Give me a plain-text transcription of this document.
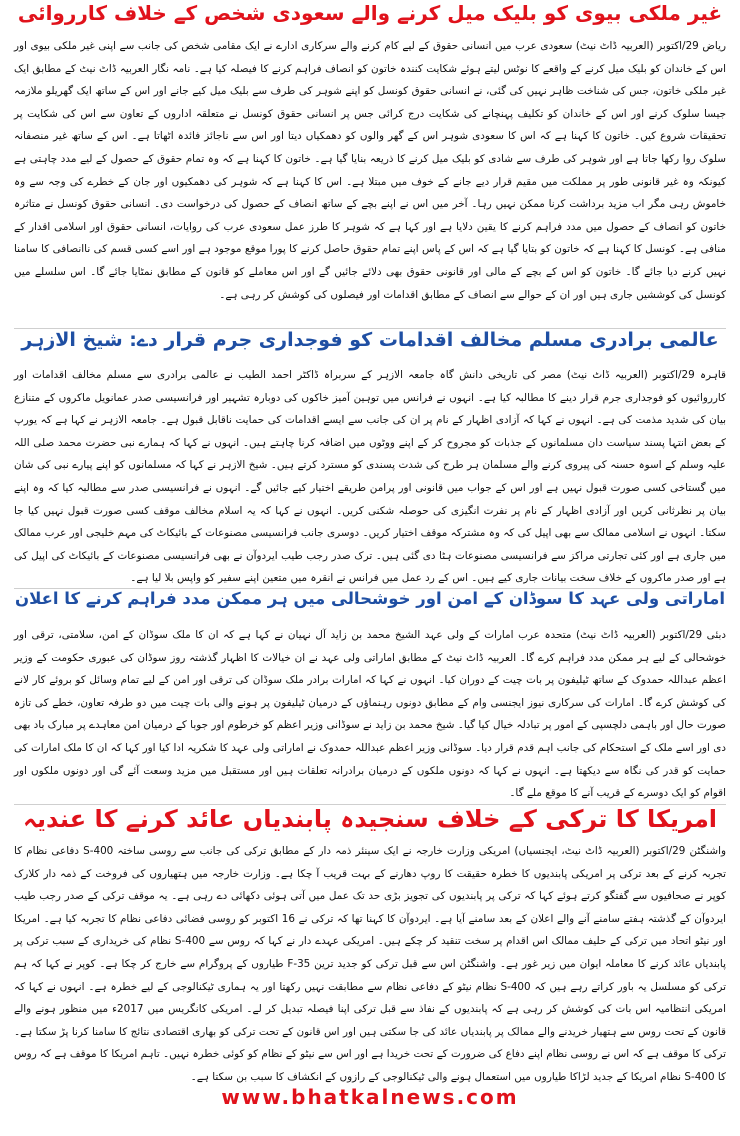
غیر ملکی بیوی کو بلیک میل کرنے والے سعودی شخص کے خلاف کارروائی

ریاض 29/اکتوبر (العربیہ ڈاٹ نیٹ) سعودی عرب میں انسانی حقوق کے لیے کام کرنے والے سرکاری ادارے نے ایک مقامی شخص کی جانب سے اپنی غیر ملکی بیوی اور اس کے خاندان کو بلیک میل کرنے کے واقعے کا نوٹس لیتے ہوئے شکایت کنندہ خاتون کو انصاف فراہم کرنے کا فیصلہ کیا ہے۔ نامہ نگار العربیہ ڈاٹ نیٹ کے مطابق ایک غیر ملکی خاتون، جس کی شناخت ظاہر نہیں کی گئی، نے انسانی حقوق کونسل کو اپنے شوہر کی طرف سے بلیک میل کیے جانے اور اس کے ساتھ ایک گھریلو ملازمہ جیسا سلوک کرنے اور اس کے خاندان کو تکلیف پہنچانے کی شکایت درج کرائی جس پر انسانی حقوق کونسل نے متعلقہ اداروں کے تعاون سے اس کی شکایت پر تحقیقات شروع کیں۔ خاتون کا کہنا ہے کہ اس کا سعودی شوہر اس کے گھر والوں کو دھمکیاں دیتا اور اس سے ناجائز فائدہ اٹھاتا ہے۔ اس کے ساتھ غیر منصفانہ سلوک روا رکھا جاتا ہے اور شوہر کی طرف سے شادی کو بلیک میل کرنے کا ذریعہ بنایا گیا ہے۔ خاتون کا کہنا ہے کہ وہ تمام حقوق کے حصول کے لیے مدد چاہتی ہے کیونکہ وہ غیر قانونی طور پر مملکت میں مقیم قرار دیے جانے کے خوف میں مبتلا ہے۔ اس کا کہنا ہے کہ شوہر کی دھمکیوں اور جان کے خطرے کی وجہ سے وہ خاموش رہی مگر اب مزید برداشت کرنا ممکن نہیں رہا۔ آخر میں اس نے اپنے بچے کے ساتھ انصاف کے حصول کی درخواست دی۔ انسانی حقوق کونسل نے متاثرہ خاتون کو انصاف کے حصول میں مدد فراہم کرنے کا یقین دلایا ہے اور کہا ہے کہ شوہر کا طرز عمل سعودی عرب کی روایات، انسانی حقوق اور اسلامی اقدار کے منافی ہے۔ کونسل کا کہنا ہے کہ خاتون کو بتایا گیا ہے کہ اس کے پاس اپنے تمام حقوق حاصل کرنے کا پورا موقع موجود ہے اور اسے کسی قسم کی ناانصافی کا سامنا نہیں کرنے دیا جائے گا۔ خاتون کو اس کے بچے کے مالی اور قانونی حقوق بھی دلائے جائیں گے اور اس معاملے کو قانون کے مطابق نمٹایا جائے گا۔ اس سلسلے میں کونسل کی کوششیں جاری ہیں اور ان کے حوالے سے انصاف کے مطابق اقدامات اور فیصلوں کی کوشش کر رہی ہے۔

عالمی برادری مسلم مخالف اقدامات کو فوجداری جرم قرار دے: شیخ الازہر

قاہرہ 29/اکتوبر (العربیہ ڈاٹ نیٹ) مصر کی تاریخی دانش گاہ جامعہ الازہر کے سربراہ ڈاکٹر احمد الطیب نے عالمی برادری سے مسلم مخالف اقدامات اور کارروائیوں کو فوجداری جرم قرار دینے کا مطالبہ کیا ہے۔ انہوں نے فرانس میں توہین آمیز خاکوں کی دوبارہ تشہیر اور فرانسیسی صدر عمانویل ماکروں کے متنازع بیان کی شدید مذمت کی ہے۔ انہوں نے کہا کہ آزادی اظہار کے نام پر ان کی جانب سے ایسے اقدامات کی حمایت ناقابل قبول ہے۔ جامعہ الازہر نے کہا ہے کہ یورپ کے بعض انتہا پسند سیاست دان مسلمانوں کے جذبات کو مجروح کر کے اپنے ووٹوں میں اضافہ کرنا چاہتے ہیں۔ انہوں نے کہا کہ ہمارے نبی حضرت محمد صلی اللہ علیہ وسلم کے اسوہ حسنہ کی پیروی کرنے والے مسلمان ہر طرح کی شدت پسندی کو مسترد کرتے ہیں۔ شیخ الازہر نے کہا کہ مسلمانوں کو اپنے پیارے نبی کی شان میں گستاخی کسی صورت قبول نہیں ہے اور اس کے جواب میں قانونی اور پرامن طریقے اختیار کیے جائیں گے۔ انہوں نے فرانسیسی صدر سے مطالبہ کیا کہ وہ اپنے بیان پر نظرثانی کریں اور آزادی اظہار کے نام پر نفرت انگیزی کی حوصلہ شکنی کریں۔ انہوں نے کہا کہ یہ اسلام مخالف موقف کسی صورت قبول نہیں کیا جا سکتا۔ انہوں نے اسلامی ممالک سے بھی اپیل کی کہ وہ مشترکہ موقف اختیار کریں۔ دوسری جانب فرانسیسی مصنوعات کے بائیکاٹ کی مہم خلیجی اور عرب ممالک میں جاری ہے اور کئی تجارتی مراکز سے فرانسیسی مصنوعات ہٹا دی گئی ہیں۔ ترک صدر رجب طیب ایردوآن نے بھی فرانسیسی مصنوعات کے بائیکاٹ کی اپیل کی ہے اور صدر ماکروں کے خلاف سخت بیانات جاری کیے ہیں۔ اس کے رد عمل میں فرانس نے انقرہ میں متعین اپنے سفیر کو واپس بلا لیا ہے۔

اماراتی ولی عہد کا سوڈان کے امن اور خوشحالی میں ہر ممکن مدد فراہم کرنے کا اعلان

دبئی 29/اکتوبر (العربیہ ڈاٹ نیٹ) متحدہ عرب امارات کے ولی عہد الشیخ محمد بن زاید آل نہیان نے کہا ہے کہ ان کا ملک سوڈان کے امن، سلامتی، ترقی اور خوشحالی کے لیے ہر ممکن مدد فراہم کرے گا۔ العربیہ ڈاٹ نیٹ کے مطابق اماراتی ولی عہد نے ان خیالات کا اظہار گذشتہ روز سوڈان کی عبوری حکومت کے وزیر اعظم عبداللہ حمدوک کے ساتھ ٹیلیفون پر بات چیت کے دوران کیا۔ انہوں نے کہا کہ امارات برادر ملک سوڈان کی ترقی اور امن کے لیے تمام وسائل کو بروئے کار لانے کی کوشش کرے گا۔ امارات کی سرکاری نیوز ایجنسی وام کے مطابق دونوں رہنماؤں کے درمیان ٹیلیفون پر ہونے والی بات چیت میں دو طرفہ تعاون، خطے کی تازہ صورت حال اور باہمی دلچسپی کے امور پر تبادلہ خیال کیا گیا۔ شیخ محمد بن زاید نے سوڈانی وزیر اعظم کو خرطوم اور جوبا کے درمیان امن معاہدے پر مبارک باد بھی دی اور اسے ملک کے استحکام کی جانب اہم قدم قرار دیا۔ سوڈانی وزیر اعظم عبداللہ حمدوک نے اماراتی ولی عہد کا شکریہ ادا کیا اور کہا کہ ان کا ملک امارات کی حمایت کو قدر کی نگاہ سے دیکھتا ہے۔ انہوں نے کہا کہ دونوں ملکوں کے درمیان برادرانہ تعلقات ہیں اور مستقبل میں مزید وسعت آئے گی اور دونوں ملکوں اور اقوام کو ایک دوسرے کے قریب آنے کا موقع ملے گا۔

امریکا کا ترکی کے خلاف سنجیدہ پابندیاں عائد کرنے کا عندیہ

واشنگٹن 29/اکتوبر (العربیہ ڈاٹ نیٹ، ایجنسیاں) امریکی وزارت خارجہ نے ایک سینئر ذمہ دار کے مطابق ترکی کی جانب سے روسی ساختہ S-400 دفاعی نظام کا تجربہ کرنے کے بعد ترکی پر امریکی پابندیوں کا خطرہ حقیقت کا روپ دھارنے کے بہت قریب آ چکا ہے۔ وزارت خارجہ میں ہتھیاروں کی فروخت کے ذمہ دار کلارک کوپر نے صحافیوں سے گفتگو کرتے ہوئے کہا کہ ترکی پر پابندیوں کی تجویز بڑی حد تک عمل میں آتی ہوئی دکھائی دے رہی ہے۔ یہ موقف ترکی کے صدر رجب طیب ایردوآن کے گذشتہ ہفتے سامنے آنے والے اعلان کے بعد سامنے آیا ہے۔ ایردوآن کا کہنا تھا کہ ترکی نے 16 اکتوبر کو روسی فضائی دفاعی نظام کا تجربہ کیا ہے۔ امریکا اور نیٹو اتحاد میں ترکی کے حلیف ممالک اس اقدام پر سخت تنقید کر چکے ہیں۔ امریکی عہدے دار نے کہا کہ روس سے S-400 نظام کی خریداری کے سبب ترکی پر پابندیاں عائد کرنے کا معاملہ ایوان میں زیر غور ہے۔ واشنگٹن اس سے قبل ترکی کو جدید ترین F-35 طیاروں کے پروگرام سے خارج کر چکا ہے۔ کوپر نے کہا کہ ہم ترکی کو مسلسل یہ باور کراتے رہے ہیں کہ S-400 نظام نیٹو کے دفاعی نظام سے مطابقت نہیں رکھتا اور یہ ہماری ٹیکنالوجی کے لیے خطرہ ہے۔ انہوں نے کہا کہ امریکی انتظامیہ اس بات کی کوشش کر رہی ہے کہ پابندیوں کے نفاذ سے قبل ترکی اپنا فیصلہ تبدیل کر لے۔ امریکی کانگریس میں 2017ء میں منظور ہونے والے قانون کے تحت روس سے ہتھیار خریدنے والے ممالک پر پابندیاں عائد کی جا سکتی ہیں اور اس قانون کے تحت ترکی کو بھاری اقتصادی نتائج کا سامنا کرنا پڑ سکتا ہے۔ ترکی کا موقف ہے کہ اس نے روسی نظام اپنے دفاع کی ضرورت کے تحت خریدا ہے اور اس سے نیٹو کے نظام کو کوئی خطرہ نہیں۔ تاہم امریکا کا موقف ہے کہ روس کا S-400 نظام امریکا کے جدید لڑاکا طیاروں میں استعمال ہونے والی ٹیکنالوجی کے رازوں کے انکشاف کا سبب بن سکتا ہے۔

www.bhatkalnews.com
